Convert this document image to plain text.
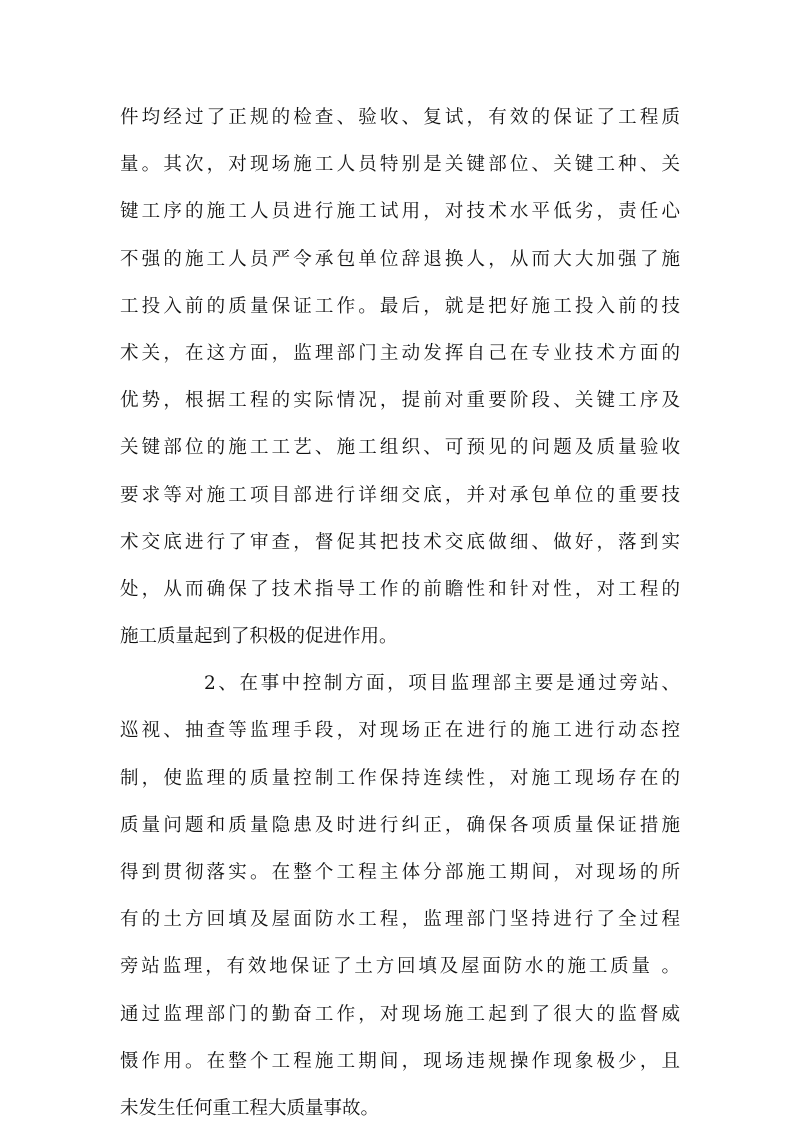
件均经过了正规的检查、验收、复试，有效的保证了工程质
量。其次，对现场施工人员特别是关键部位、关键工种、关
键工序的施工人员进行施工试用，对技术水平低劣，责任心
不强的施工人员严令承包单位辞退换人，从而大大加强了施
工投入前的质量保证工作。最后，就是把好施工投入前的技
术关，在这方面，监理部门主动发挥自己在专业技术方面的
优势，根据工程的实际情况，提前对重要阶段、关键工序及
关键部位的施工工艺、施工组织、可预见的问题及质量验收
要求等对施工项目部进行详细交底，并对承包单位的重要技
术交底进行了审查，督促其把技术交底做细、做好，落到实
处，从而确保了技术指导工作的前瞻性和针对性，对工程的
施工质量起到了积极的促进作用。
2、在事中控制方面，项目监理部主要是通过旁站、
巡视、抽查等监理手段，对现场正在进行的施工进行动态控
制，使监理的质量控制工作保持连续性，对施工现场存在的
质量问题和质量隐患及时进行纠正，确保各项质量保证措施
得到贯彻落实。在整个工程主体分部施工期间，对现场的所
有的土方回填及屋面防水工程，监理部门坚持进行了全过程
旁站监理，有效地保证了土方回填及屋面防水的施工质量 。
通过监理部门的勤奋工作，对现场施工起到了很大的监督威
慑作用。在整个工程施工期间，现场违规操作现象极少，且
未发生任何重工程大质量事故。
